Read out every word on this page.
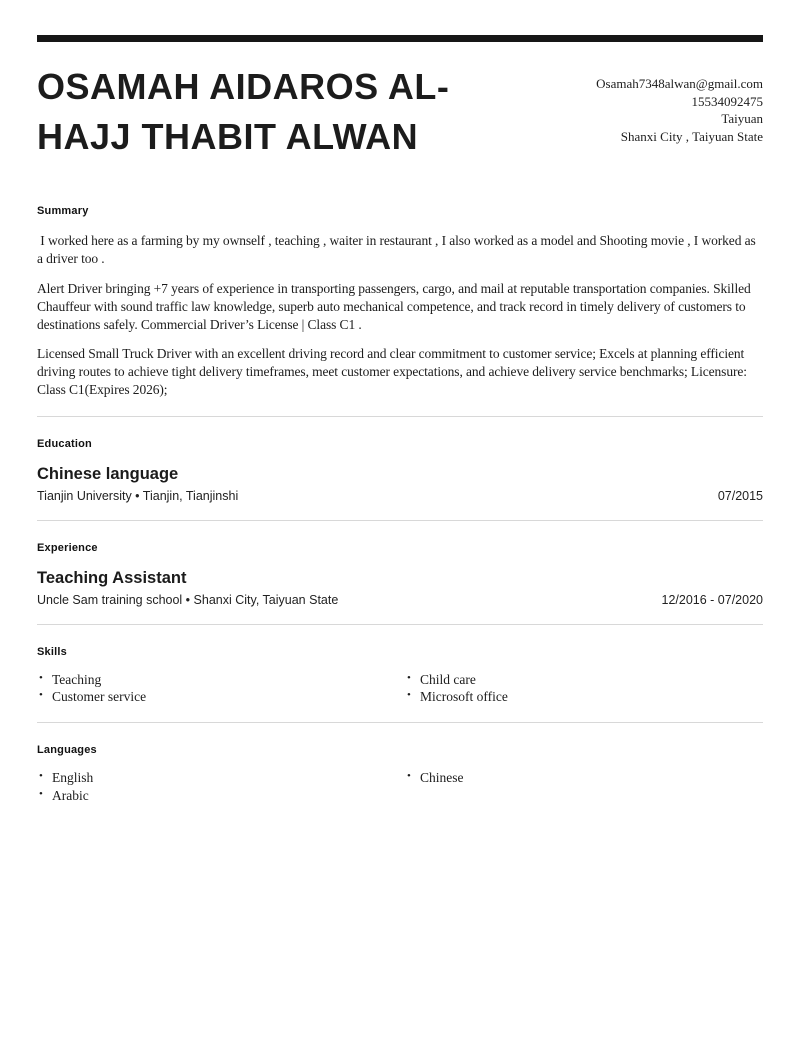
OSAMAH AIDAROS AL-
HAJJ THABIT ALWAN
Osamah7348alwan@gmail.com
15534092475
Taiyuan
Shanxi City , Taiyuan State
Summary

I worked here as a farming by my ownself , teaching , waiter in restaurant , I also worked as a model and Shooting movie , I worked as a driver too .

Alert Driver bringing +7 years of experience in transporting passengers, cargo, and mail at reputable transportation companies. Skilled Chauffeur with sound traffic law knowledge, superb auto mechanical competence, and track record in timely delivery of customers to destinations safely. Commercial Driver’s License | Class C1 .

Licensed Small Truck Driver with an excellent driving record and clear commitment to customer service; Excels at planning efficient driving routes to achieve tight delivery timeframes, meet customer expectations, and achieve delivery service benchmarks; Licensure: Class C1(Expires 2026);

Education
Chinese language
Tianjin University • Tianjin, Tianjinshi	07/2015
Experience
Teaching Assistant
Uncle Sam training school • Shanxi City, Taiyuan State	12/2016 - 07/2020
Skills
• Teaching
• Customer service
• Child care
• Microsoft office
Languages
• English
• Arabic
• Chinese
